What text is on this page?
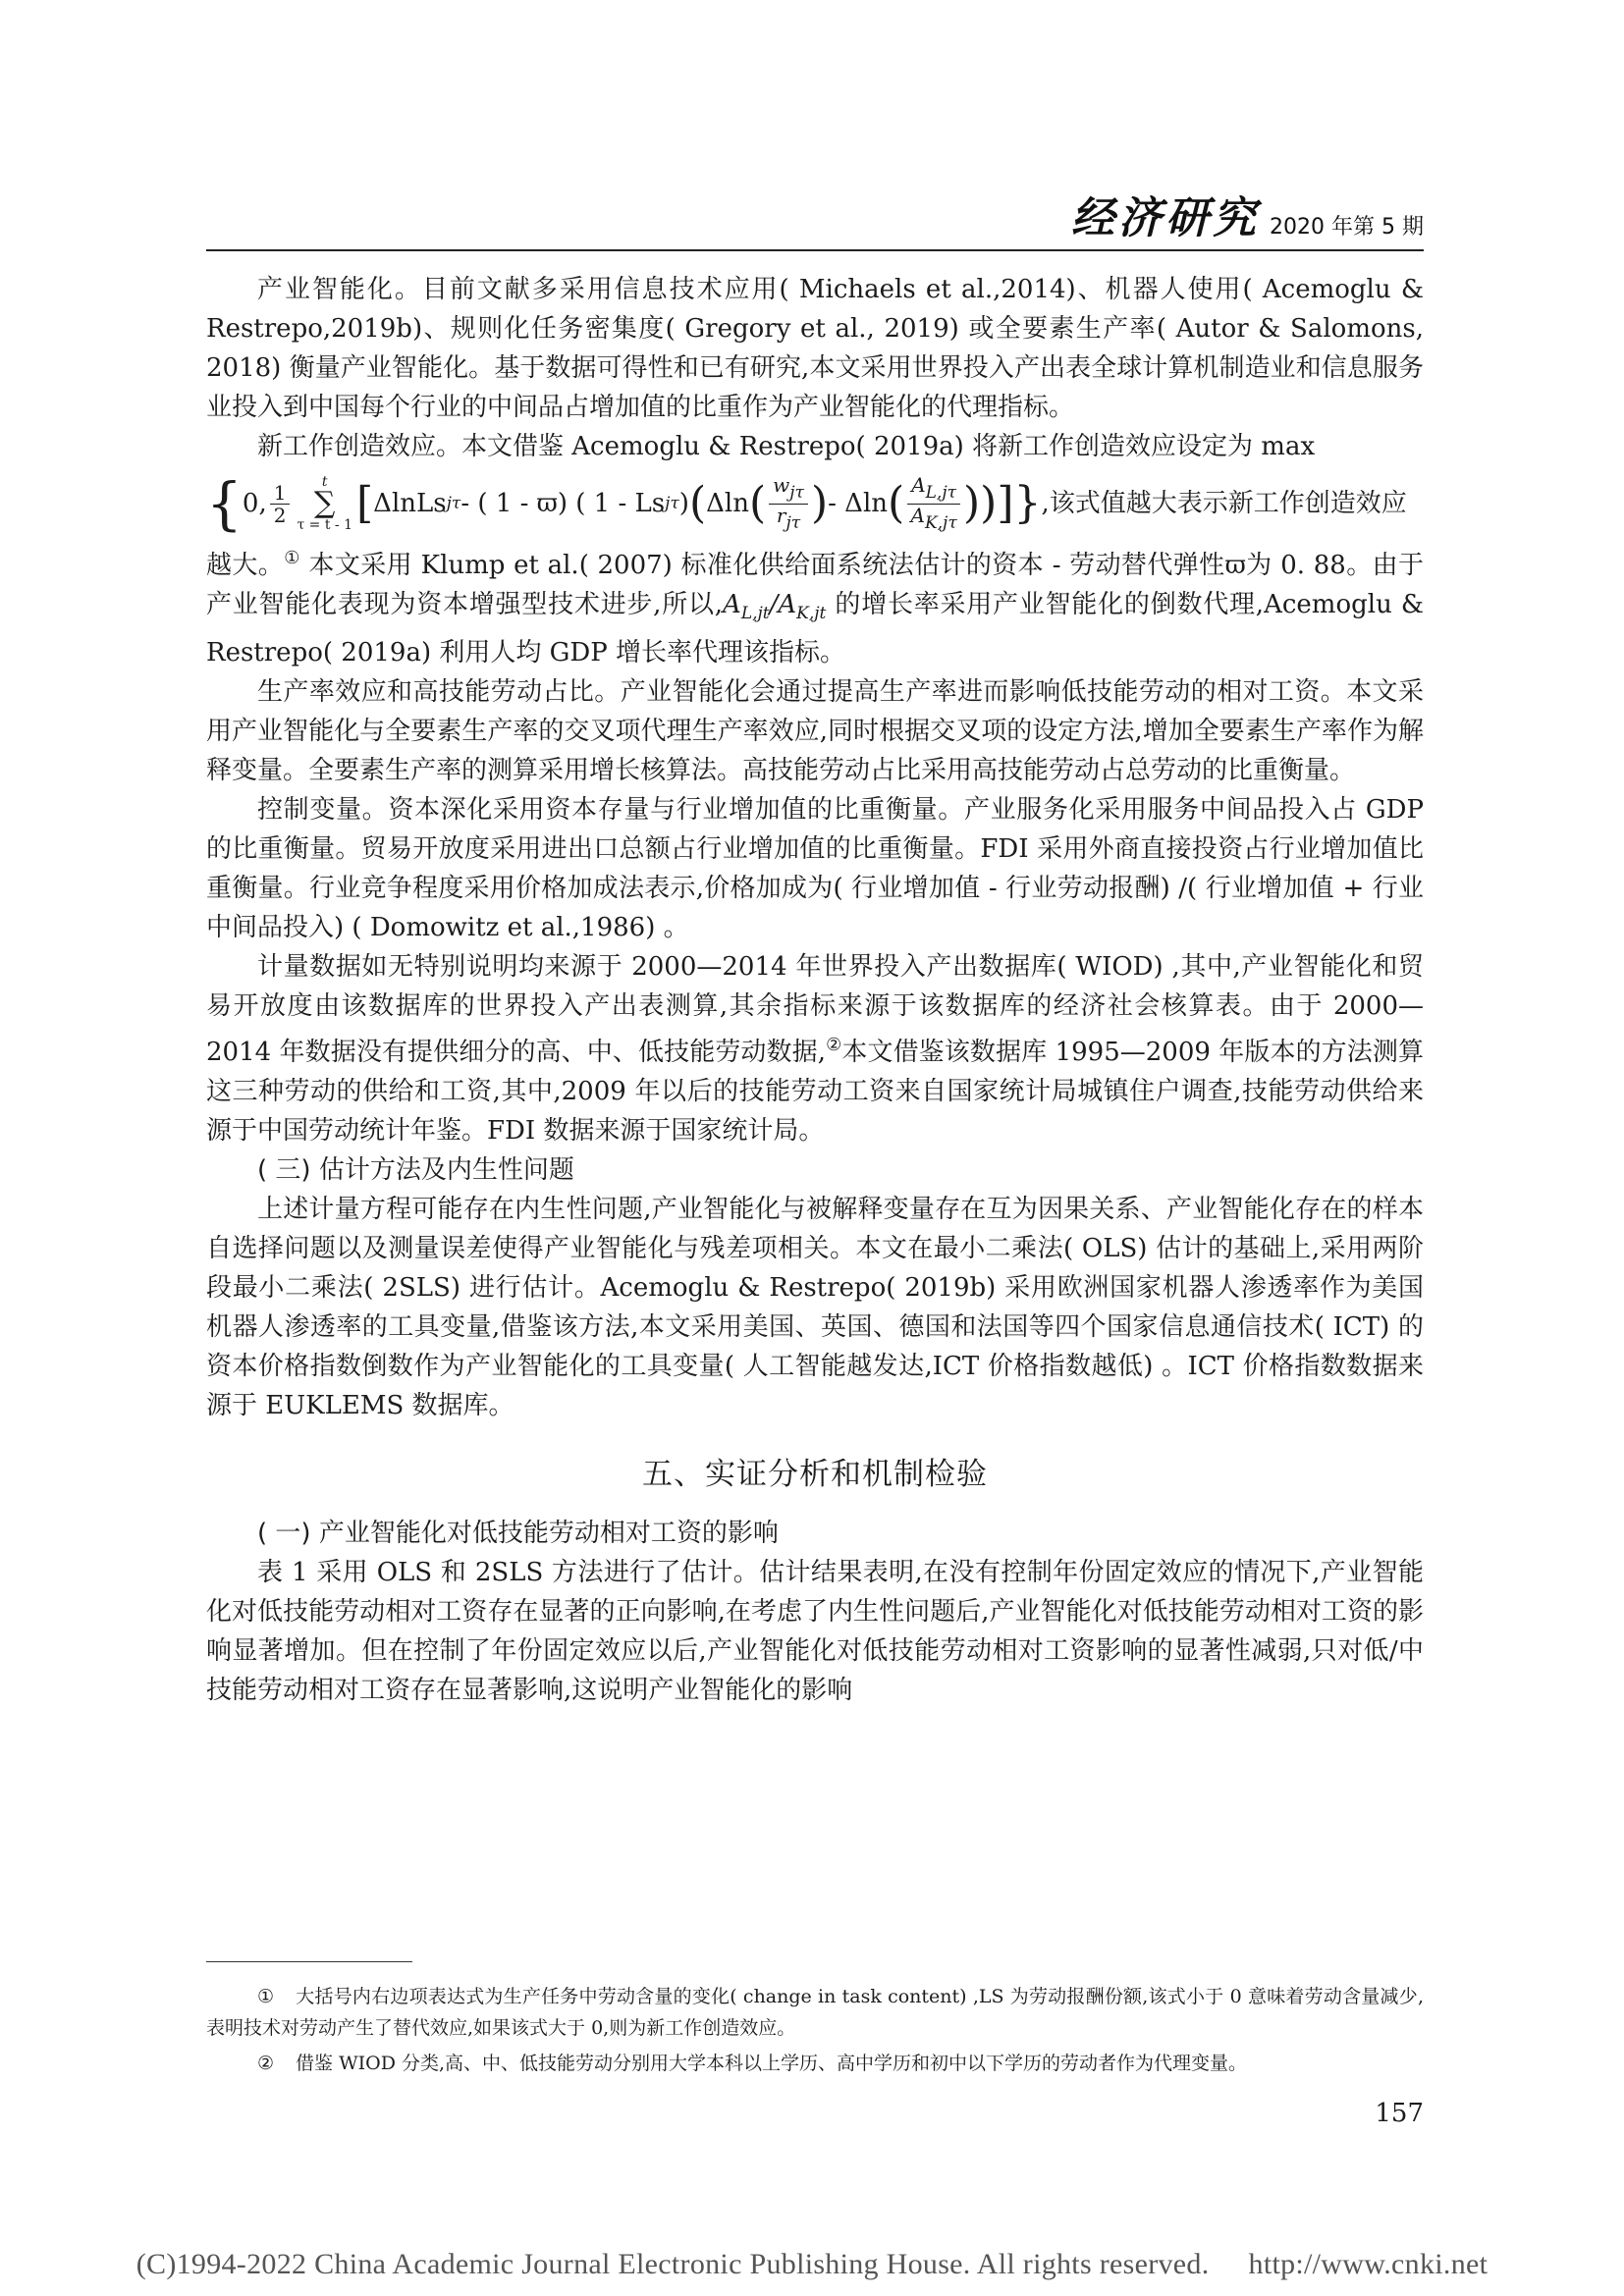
经济研究 2020 年第 5 期

产业智能化。目前文献多采用信息技术应用( Michaels et al.,2014)、机器人使用( Acemoglu & Restrepo,2019b)、规则化任务密集度( Gregory et al., 2019) 或全要素生产率( Autor & Salomons, 2018) 衡量产业智能化。基于数据可得性和已有研究,本文采用世界投入产出表全球计算机制造业和信息服务业投入到中国每个行业的中间品占增加值的比重作为产业智能化的代理指标。

新工作创造效应。本文借鉴 Acemoglu & Restrepo( 2019a) 将新工作创造效应设定为 max

{ 0, $\frac{1}{2}$ t
∑
τ = t - 1 [ ΔlnLs jτ - ( 1 - ϖ) ( 1 - Ls jτ ) ( Δln ( $\frac{w_{j\tau}}{r_{j\tau}}$ ) - Δln ( $\frac{A_{L,j\tau}}{A_{K,j\tau}}$ )) ]} ,该式值越大表示新工作创造效应

越大。① 本文采用 Klump et al.( 2007) 标准化供给面系统法估计的资本 - 劳动替代弹性ϖ为 0. 88。由于产业智能化表现为资本增强型技术进步,所以$,A_{L,jt}/A_{K,jt}$ 的增长率采用产业智能化的倒数代理,Acemoglu & Restrepo( 2019a) 利用人均 GDP 增长率代理该指标。

生产率效应和高技能劳动占比。产业智能化会通过提高生产率进而影响低技能劳动的相对工资。本文采用产业智能化与全要素生产率的交叉项代理生产率效应,同时根据交叉项的设定方法,增加全要素生产率作为解释变量。全要素生产率的测算采用增长核算法。高技能劳动占比采用高技能劳动占总劳动的比重衡量。

控制变量。资本深化采用资本存量与行业增加值的比重衡量。产业服务化采用服务中间品投入占 GDP 的比重衡量。贸易开放度采用进出口总额占行业增加值的比重衡量。FDI 采用外商直接投资占行业增加值比重衡量。行业竞争程度采用价格加成法表示,价格加成为( 行业增加值 - 行业劳动报酬) /( 行业增加值 + 行业中间品投入) ( Domowitz et al.,1986) 。

计量数据如无特别说明均来源于 2000—2014 年世界投入产出数据库( WIOD) ,其中,产业智能化和贸易开放度由该数据库的世界投入产出表测算,其余指标来源于该数据库的经济社会核算表。由于 2000—2014 年数据没有提供细分的高、中、低技能劳动数据,②本文借鉴该数据库 1995—2009 年版本的方法测算这三种劳动的供给和工资,其中,2009 年以后的技能劳动工资来自国家统计局城镇住户调查,技能劳动供给来源于中国劳动统计年鉴。FDI 数据来源于国家统计局。

( 三) 估计方法及内生性问题

上述计量方程可能存在内生性问题,产业智能化与被解释变量存在互为因果关系、产业智能化存在的样本自选择问题以及测量误差使得产业智能化与残差项相关。本文在最小二乘法( OLS) 估计的基础上,采用两阶段最小二乘法( 2SLS) 进行估计。Acemoglu & Restrepo( 2019b) 采用欧洲国家机器人渗透率作为美国机器人渗透率的工具变量,借鉴该方法,本文采用美国、英国、德国和法国等四个国家信息通信技术( ICT) 的资本价格指数倒数作为产业智能化的工具变量( 人工智能越发达,ICT 价格指数越低) 。ICT 价格指数数据来源于 EUKLEMS 数据库。

五、实证分析和机制检验

( 一) 产业智能化对低技能劳动相对工资的影响

表 1 采用 OLS 和 2SLS 方法进行了估计。估计结果表明,在没有控制年份固定效应的情况下,产业智能化对低技能劳动相对工资存在显著的正向影响,在考虑了内生性问题后,产业智能化对低技能劳动相对工资的影响显著增加。但在控制了年份固定效应以后,产业智能化对低技能劳动相对工资影响的显著性减弱,只对低/中技能劳动相对工资存在显著影响,这说明产业智能化的影响

① 大括号内右边项表达式为生产任务中劳动含量的变化( change in task content) ,LS 为劳动报酬份额,该式小于 0 意味着劳动含量减少,表明技术对劳动产生了替代效应,如果该式大于 0,则为新工作创造效应。

② 借鉴 WIOD 分类,高、中、低技能劳动分别用大学本科以上学历、高中学历和初中以下学历的劳动者作为代理变量。

157
(C)1994-2022 China Academic Journal Electronic Publishing House. All rights reserved. http://www.cnki.net
